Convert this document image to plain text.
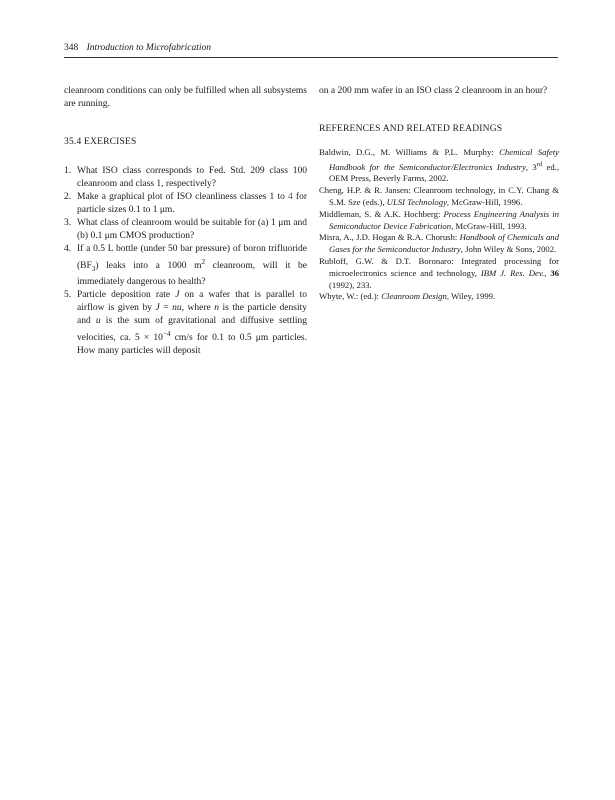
348 Introduction to Microfabrication

cleanroom conditions can only be fulfilled when all subsystems are running.

35.4 EXERCISES
1. What ISO class corresponds to Fed. Std. 209 class 100 cleanroom and class 1, respectively?
2. Make a graphical plot of ISO cleanliness classes 1 to 4 for particle sizes 0.1 to 1 μm.
3. What class of cleanroom would be suitable for (a) 1 μm and (b) 0.1 μm CMOS production?
4. If a 0.5 L bottle (under 50 bar pressure) of boron trifluoride $(BF_3)$ leaks into a 1000 $m^2$ cleanroom, will it be immediately dangerous to health?
5. Particle deposition rate J on a wafer that is parallel to airflow is given by J = nu, where n is the particle density and u is the sum of gravitational and diffusive settling velocities, ca. $5 \times 10^{-4}$ cm/s for 0.1 to 0.5 μm particles. How many particles will deposit

on a 200 mm wafer in an ISO class 2 cleanroom in an hour?

REFERENCES AND RELATED READINGS

Baldwin, D.G., M. Williams & P.L. Murphy: Chemical Safety Handbook for the Semiconductor/Electronics Industry, 3rd ed., OEM Press, Beverly Farms, 2002.

Cheng, H.P. & R. Jansen: Cleanroom technology, in C.Y. Chang & S.M. Sze (eds.), ULSI Technology, McGraw-Hill, 1996.

Middleman, S. & A.K. Hochberg: Process Engineering Analysis in Semiconductor Device Fabrication, McGraw-Hill, 1993.

Misra, A., J.D. Hogan & R.A. Chorush: Handbook of Chemicals and Gases for the Semiconductor Industry, John Wiley & Sons, 2002.

Rubloff, G.W. & D.T. Boronaro: Integrated processing for microelectronics science and technology, IBM J. Res. Dev., 36 (1992), 233.

Whyte, W.: (ed.): Cleanroom Design, Wiley, 1999.
